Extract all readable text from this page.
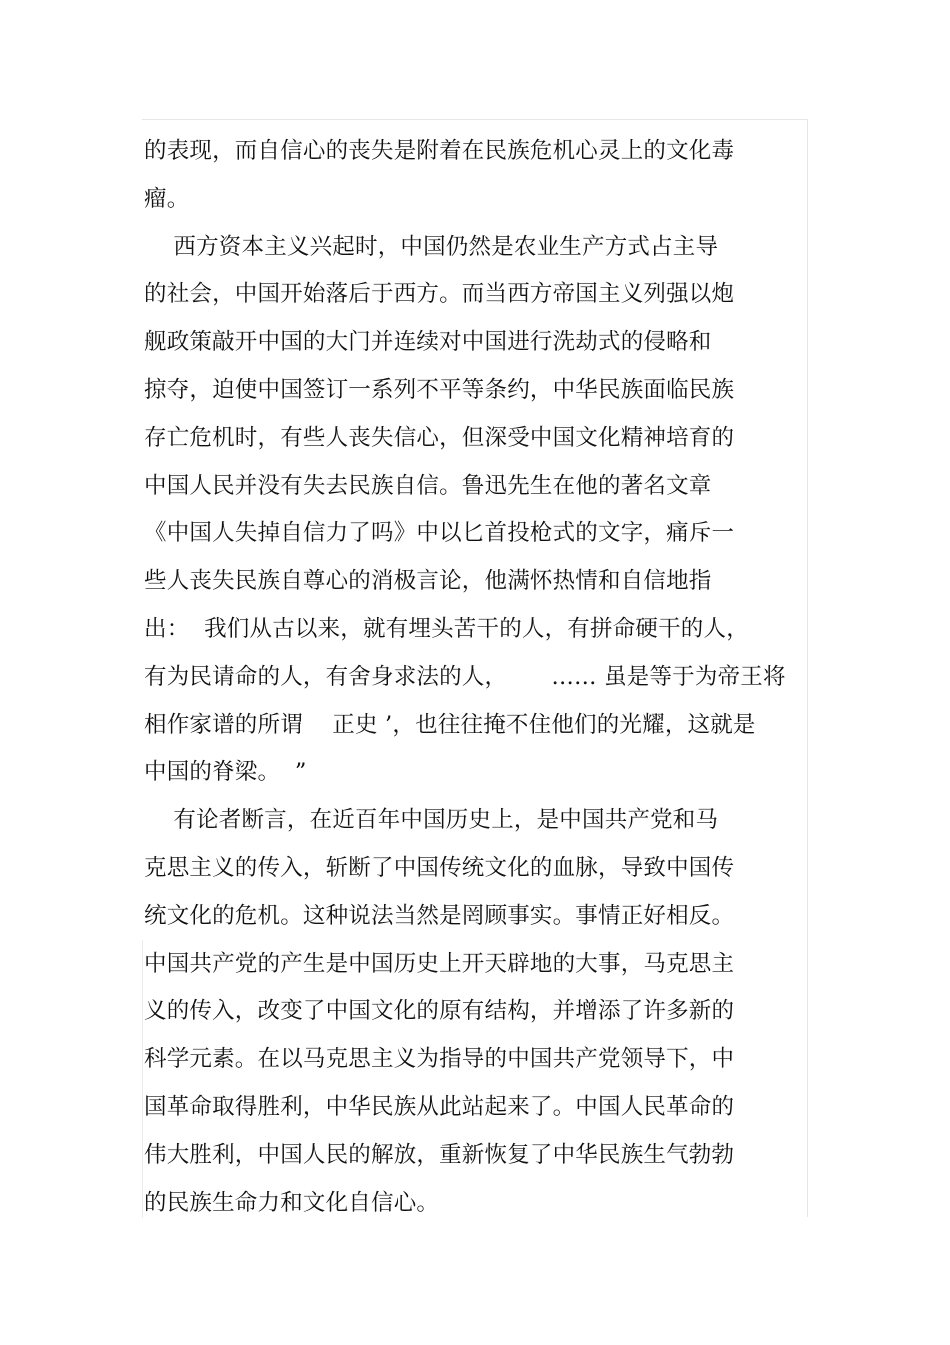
的表现，而自信心的丧失是附着在民族危机心灵上的文化毒
瘤。
西方资本主义兴起时，中国仍然是农业生产方式占主导
的社会，中国开始落后于西方。而当西方帝国主义列强以炮
舰政策敲开中国的大门并连续对中国进行洗劫式的侵略和
掠夺，迫使中国签订一系列不平等条约，中华民族面临民族
存亡危机时，有些人丧失信心，但深受中国文化精神培育的
中国人民并没有失去民族自信。鲁迅先生在他的著名文章
《中国人失掉自信力了吗》中以匕首投枪式的文字，痛斥一
些人丧失民族自尊心的消极言论，他满怀热情和自信地指
出：  我们从古以来，就有埋头苦干的人，有拼命硬干的人，
有为民请命的人，有舍身求法的人，      …… 虽是等于为帝王将
相作家谱的所谓    正史 ’，也往往掩不住他们的光耀，这就是
中国的脊梁。  ”
有论者断言，在近百年中国历史上，是中国共产党和马
克思主义的传入，斩断了中国传统文化的血脉，导致中国传
统文化的危机。这种说法当然是罔顾事实。事情正好相反。
中国共产党的产生是中国历史上开天辟地的大事，马克思主
义的传入，改变了中国文化的原有结构，并增添了许多新的
科学元素。在以马克思主义为指导的中国共产党领导下，中
国革命取得胜利，中华民族从此站起来了。中国人民革命的
伟大胜利，中国人民的解放，重新恢复了中华民族生气勃勃
的民族生命力和文化自信心。
